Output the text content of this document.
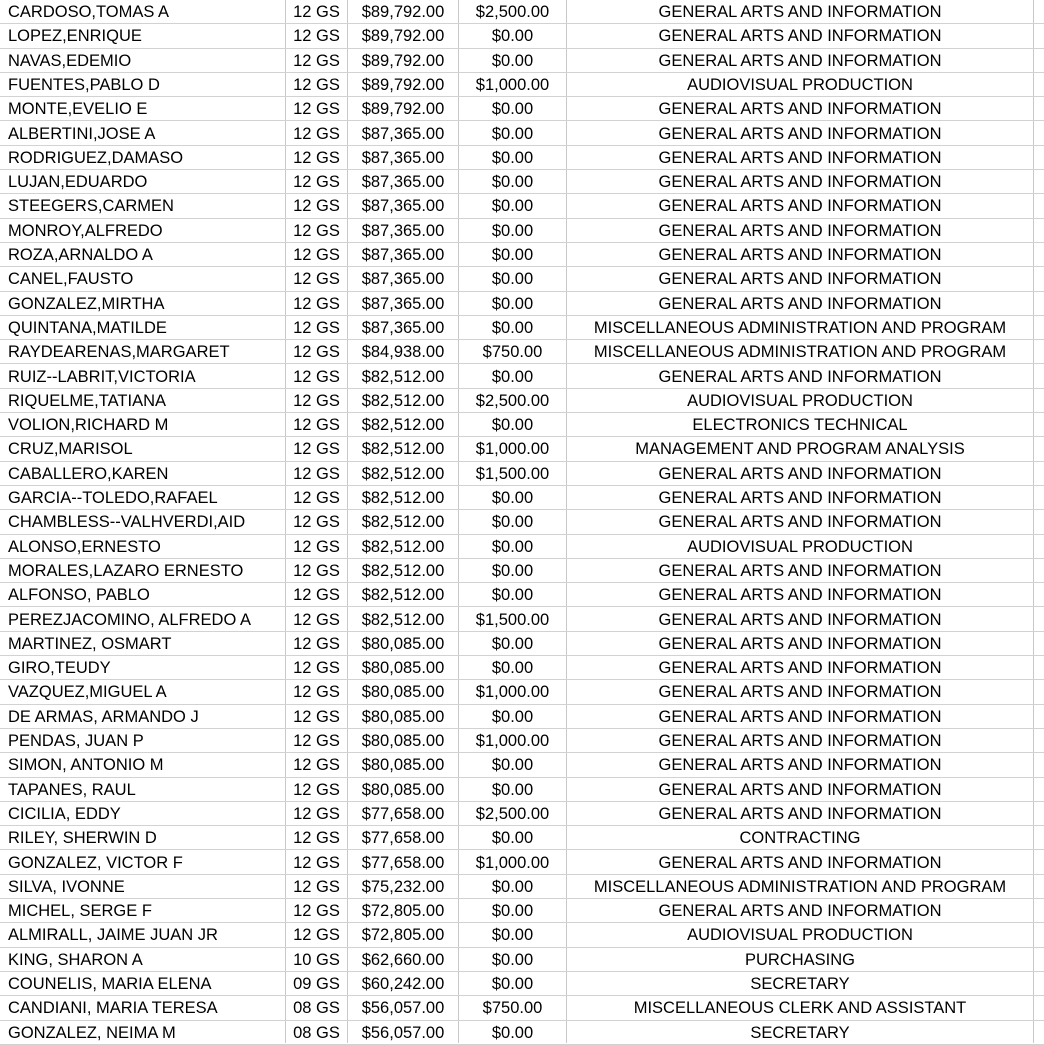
CARDOSO,TOMAS A	12 GS	$89,792.00	$2,500.00	GENERAL ARTS AND INFORMATION
LOPEZ,ENRIQUE	12 GS	$89,792.00	$0.00	GENERAL ARTS AND INFORMATION
NAVAS,EDEMIO	12 GS	$89,792.00	$0.00	GENERAL ARTS AND INFORMATION
FUENTES,PABLO D	12 GS	$89,792.00	$1,000.00	AUDIOVISUAL PRODUCTION
MONTE,EVELIO E	12 GS	$89,792.00	$0.00	GENERAL ARTS AND INFORMATION
ALBERTINI,JOSE A	12 GS	$87,365.00	$0.00	GENERAL ARTS AND INFORMATION
RODRIGUEZ,DAMASO	12 GS	$87,365.00	$0.00	GENERAL ARTS AND INFORMATION
LUJAN,EDUARDO	12 GS	$87,365.00	$0.00	GENERAL ARTS AND INFORMATION
STEEGERS,CARMEN	12 GS	$87,365.00	$0.00	GENERAL ARTS AND INFORMATION
MONROY,ALFREDO	12 GS	$87,365.00	$0.00	GENERAL ARTS AND INFORMATION
ROZA,ARNALDO A	12 GS	$87,365.00	$0.00	GENERAL ARTS AND INFORMATION
CANEL,FAUSTO	12 GS	$87,365.00	$0.00	GENERAL ARTS AND INFORMATION
GONZALEZ,MIRTHA	12 GS	$87,365.00	$0.00	GENERAL ARTS AND INFORMATION
QUINTANA,MATILDE	12 GS	$87,365.00	$0.00	MISCELLANEOUS ADMINISTRATION AND PROGRAM
RAYDEARENAS,MARGARET	12 GS	$84,938.00	$750.00	MISCELLANEOUS ADMINISTRATION AND PROGRAM
RUIZ--LABRIT,VICTORIA	12 GS	$82,512.00	$0.00	GENERAL ARTS AND INFORMATION
RIQUELME,TATIANA	12 GS	$82,512.00	$2,500.00	AUDIOVISUAL PRODUCTION
VOLION,RICHARD M	12 GS	$82,512.00	$0.00	ELECTRONICS TECHNICAL
CRUZ,MARISOL	12 GS	$82,512.00	$1,000.00	MANAGEMENT AND PROGRAM ANALYSIS
CABALLERO,KAREN	12 GS	$82,512.00	$1,500.00	GENERAL ARTS AND INFORMATION
GARCIA--TOLEDO,RAFAEL	12 GS	$82,512.00	$0.00	GENERAL ARTS AND INFORMATION
CHAMBLESS--VALHVERDI,AID	12 GS	$82,512.00	$0.00	GENERAL ARTS AND INFORMATION
ALONSO,ERNESTO	12 GS	$82,512.00	$0.00	AUDIOVISUAL PRODUCTION
MORALES,LAZARO ERNESTO	12 GS	$82,512.00	$0.00	GENERAL ARTS AND INFORMATION
ALFONSO, PABLO	12 GS	$82,512.00	$0.00	GENERAL ARTS AND INFORMATION
PEREZJACOMINO, ALFREDO A	12 GS	$82,512.00	$1,500.00	GENERAL ARTS AND INFORMATION
MARTINEZ, OSMART	12 GS	$80,085.00	$0.00	GENERAL ARTS AND INFORMATION
GIRO,TEUDY	12 GS	$80,085.00	$0.00	GENERAL ARTS AND INFORMATION
VAZQUEZ,MIGUEL A	12 GS	$80,085.00	$1,000.00	GENERAL ARTS AND INFORMATION
DE ARMAS, ARMANDO J	12 GS	$80,085.00	$0.00	GENERAL ARTS AND INFORMATION
PENDAS, JUAN P	12 GS	$80,085.00	$1,000.00	GENERAL ARTS AND INFORMATION
SIMON, ANTONIO M	12 GS	$80,085.00	$0.00	GENERAL ARTS AND INFORMATION
TAPANES, RAUL	12 GS	$80,085.00	$0.00	GENERAL ARTS AND INFORMATION
CICILIA, EDDY	12 GS	$77,658.00	$2,500.00	GENERAL ARTS AND INFORMATION
RILEY, SHERWIN D	12 GS	$77,658.00	$0.00	CONTRACTING
GONZALEZ, VICTOR F	12 GS	$77,658.00	$1,000.00	GENERAL ARTS AND INFORMATION
SILVA, IVONNE	12 GS	$75,232.00	$0.00	MISCELLANEOUS ADMINISTRATION AND PROGRAM
MICHEL, SERGE F	12 GS	$72,805.00	$0.00	GENERAL ARTS AND INFORMATION
ALMIRALL, JAIME JUAN JR	12 GS	$72,805.00	$0.00	AUDIOVISUAL PRODUCTION
KING, SHARON A	10 GS	$62,660.00	$0.00	PURCHASING
COUNELIS, MARIA ELENA	09 GS	$60,242.00	$0.00	SECRETARY
CANDIANI, MARIA TERESA	08 GS	$56,057.00	$750.00	MISCELLANEOUS CLERK AND ASSISTANT
GONZALEZ, NEIMA M	08 GS	$56,057.00	$0.00	SECRETARY
